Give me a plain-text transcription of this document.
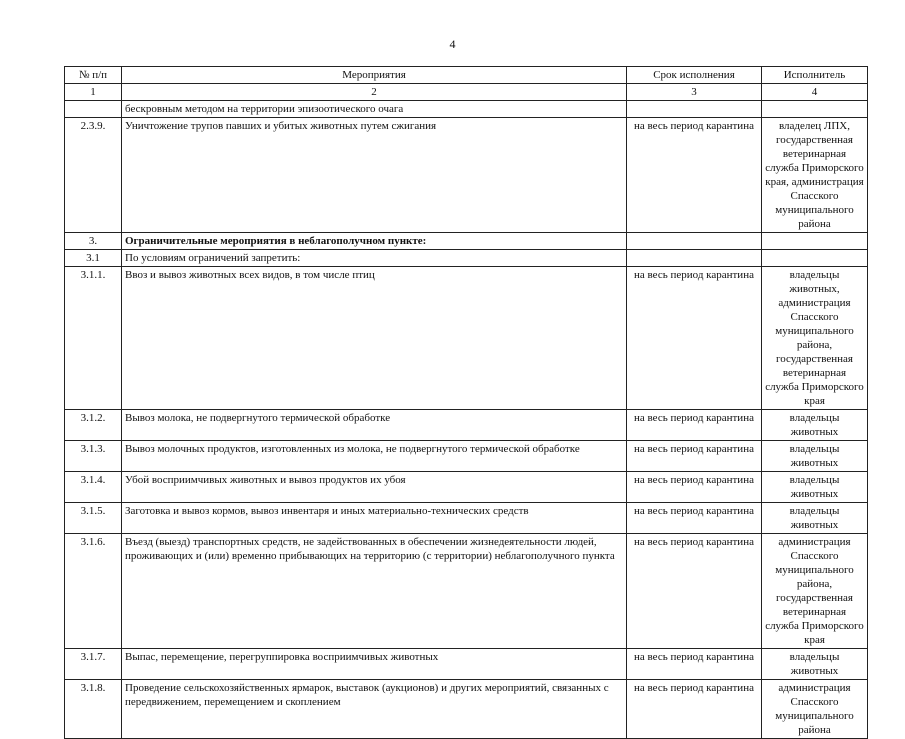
4
№ п/п	Мероприятия	Срок исполнения	Исполнитель
1	2	3	4
	бескровным методом на территории эпизоотического очага		
2.3.9.	Уничтожение трупов павших и убитых животных путем сжигания	на весь период карантина	владелец ЛПХ, государственная ветеринарная служба Приморского края, администрация Спасского муниципального района
3.	Ограничительные мероприятия в неблагополучном пункте:		
3.1	По условиям ограничений запретить:		
3.1.1.	Ввоз и вывоз животных всех видов, в том числе птиц	на весь период карантина	владельцы животных, администрация Спасского муниципального района, государственная ветеринарная служба Приморского края
3.1.2.	Вывоз молока, не подвергнутого термической обработке	на весь период карантина	владельцы животных
3.1.3.	Вывоз молочных продуктов, изготовленных из молока, не подвергнутого термической обработке	на весь период карантина	владельцы животных
3.1.4.	Убой восприимчивых животных и вывоз продуктов их убоя	на весь период карантина	владельцы животных
3.1.5.	Заготовка и вывоз кормов, вывоз инвентаря и иных материально-технических средств	на весь период карантина	владельцы животных
3.1.6.	Въезд (выезд) транспортных средств, не задействованных в обеспечении жизнедеятельности людей, проживающих и (или) временно прибывающих на территорию (с территории) неблагополучного пункта	на весь период карантина	администрация Спасского муниципального района, государственная ветеринарная служба Приморского края
3.1.7.	Выпас, перемещение, перегруппировка восприимчивых животных	на весь период карантина	владельцы животных
3.1.8.	Проведение сельскохозяйственных ярмарок, выставок (аукционов) и других мероприятий, связанных с передвижением, перемещением и скоплением	на весь период карантина	администрация Спасского муниципального района
